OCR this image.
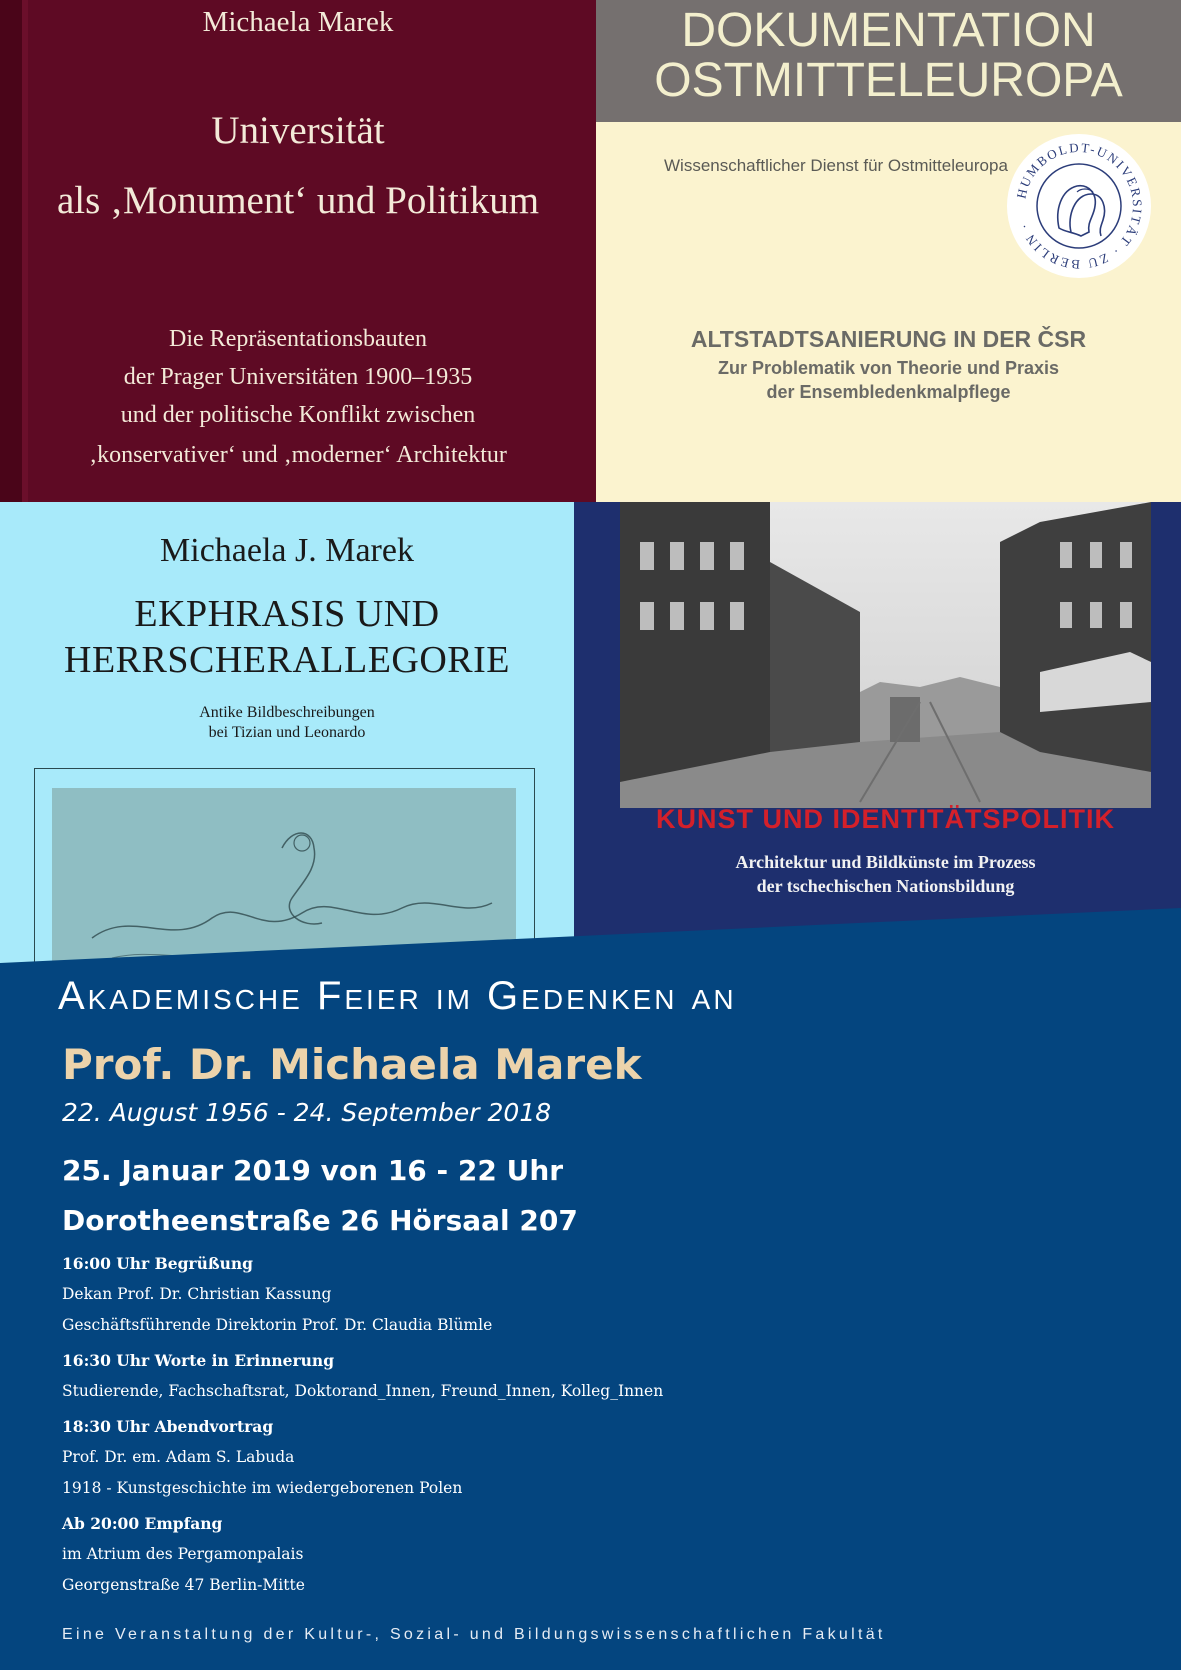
Michaela Marek
Universität
als ‚Monument‘ und Politikum
Die Repräsentationsbauten
der Prager Universitäten 1900–1935
und der politische Konflikt zwischen
‚konservativer‘ und ‚moderner‘ Architektur
DOKUMENTATION
OSTMITTELEUROPA
Wissenschaftlicher Dienst für Ostmitteleuropa
HUMBOLDT-UNIVERSITÄT · ZU BERLIN ·
ALTSTADTSANIERUNG IN DER ČSR
Zur Problematik von Theorie und Praxis
der Ensembledenkmalpflege
Michaela J. Marek
EKPHRASIS UND
HERRSCHERALLEGORIE
Antike Bildbeschreibungen
bei Tizian und Leonardo
KUNST UND IDENTITÄTSPOLITIK
Architektur und Bildkünste im Prozess
der tschechischen Nationsbildung
Akademische Feier im Gedenken an
Prof. Dr. Michaela Marek
22. August 1956 - 24. September 2018
25. Januar 2019 von 16 - 22 Uhr
Dorotheenstraße 26 Hörsaal 207
16:00 Uhr Begrüßung
Dekan Prof. Dr. Christian Kassung
Geschäftsführende Direktorin Prof. Dr. Claudia Blümle
16:30 Uhr Worte in Erinnerung
Studierende, Fachschaftsrat, Doktorand_Innen, Freund_Innen, Kolleg_Innen
18:30 Uhr Abendvortrag
Prof. Dr. em. Adam S. Labuda
1918 - Kunstgeschichte im wiedergeborenen Polen
Ab 20:00 Empfang
im Atrium des Pergamonpalais
Georgenstraße 47 Berlin-Mitte
Eine Veranstaltung der Kultur-, Sozial- und Bildungswissenschaftlichen Fakultät
